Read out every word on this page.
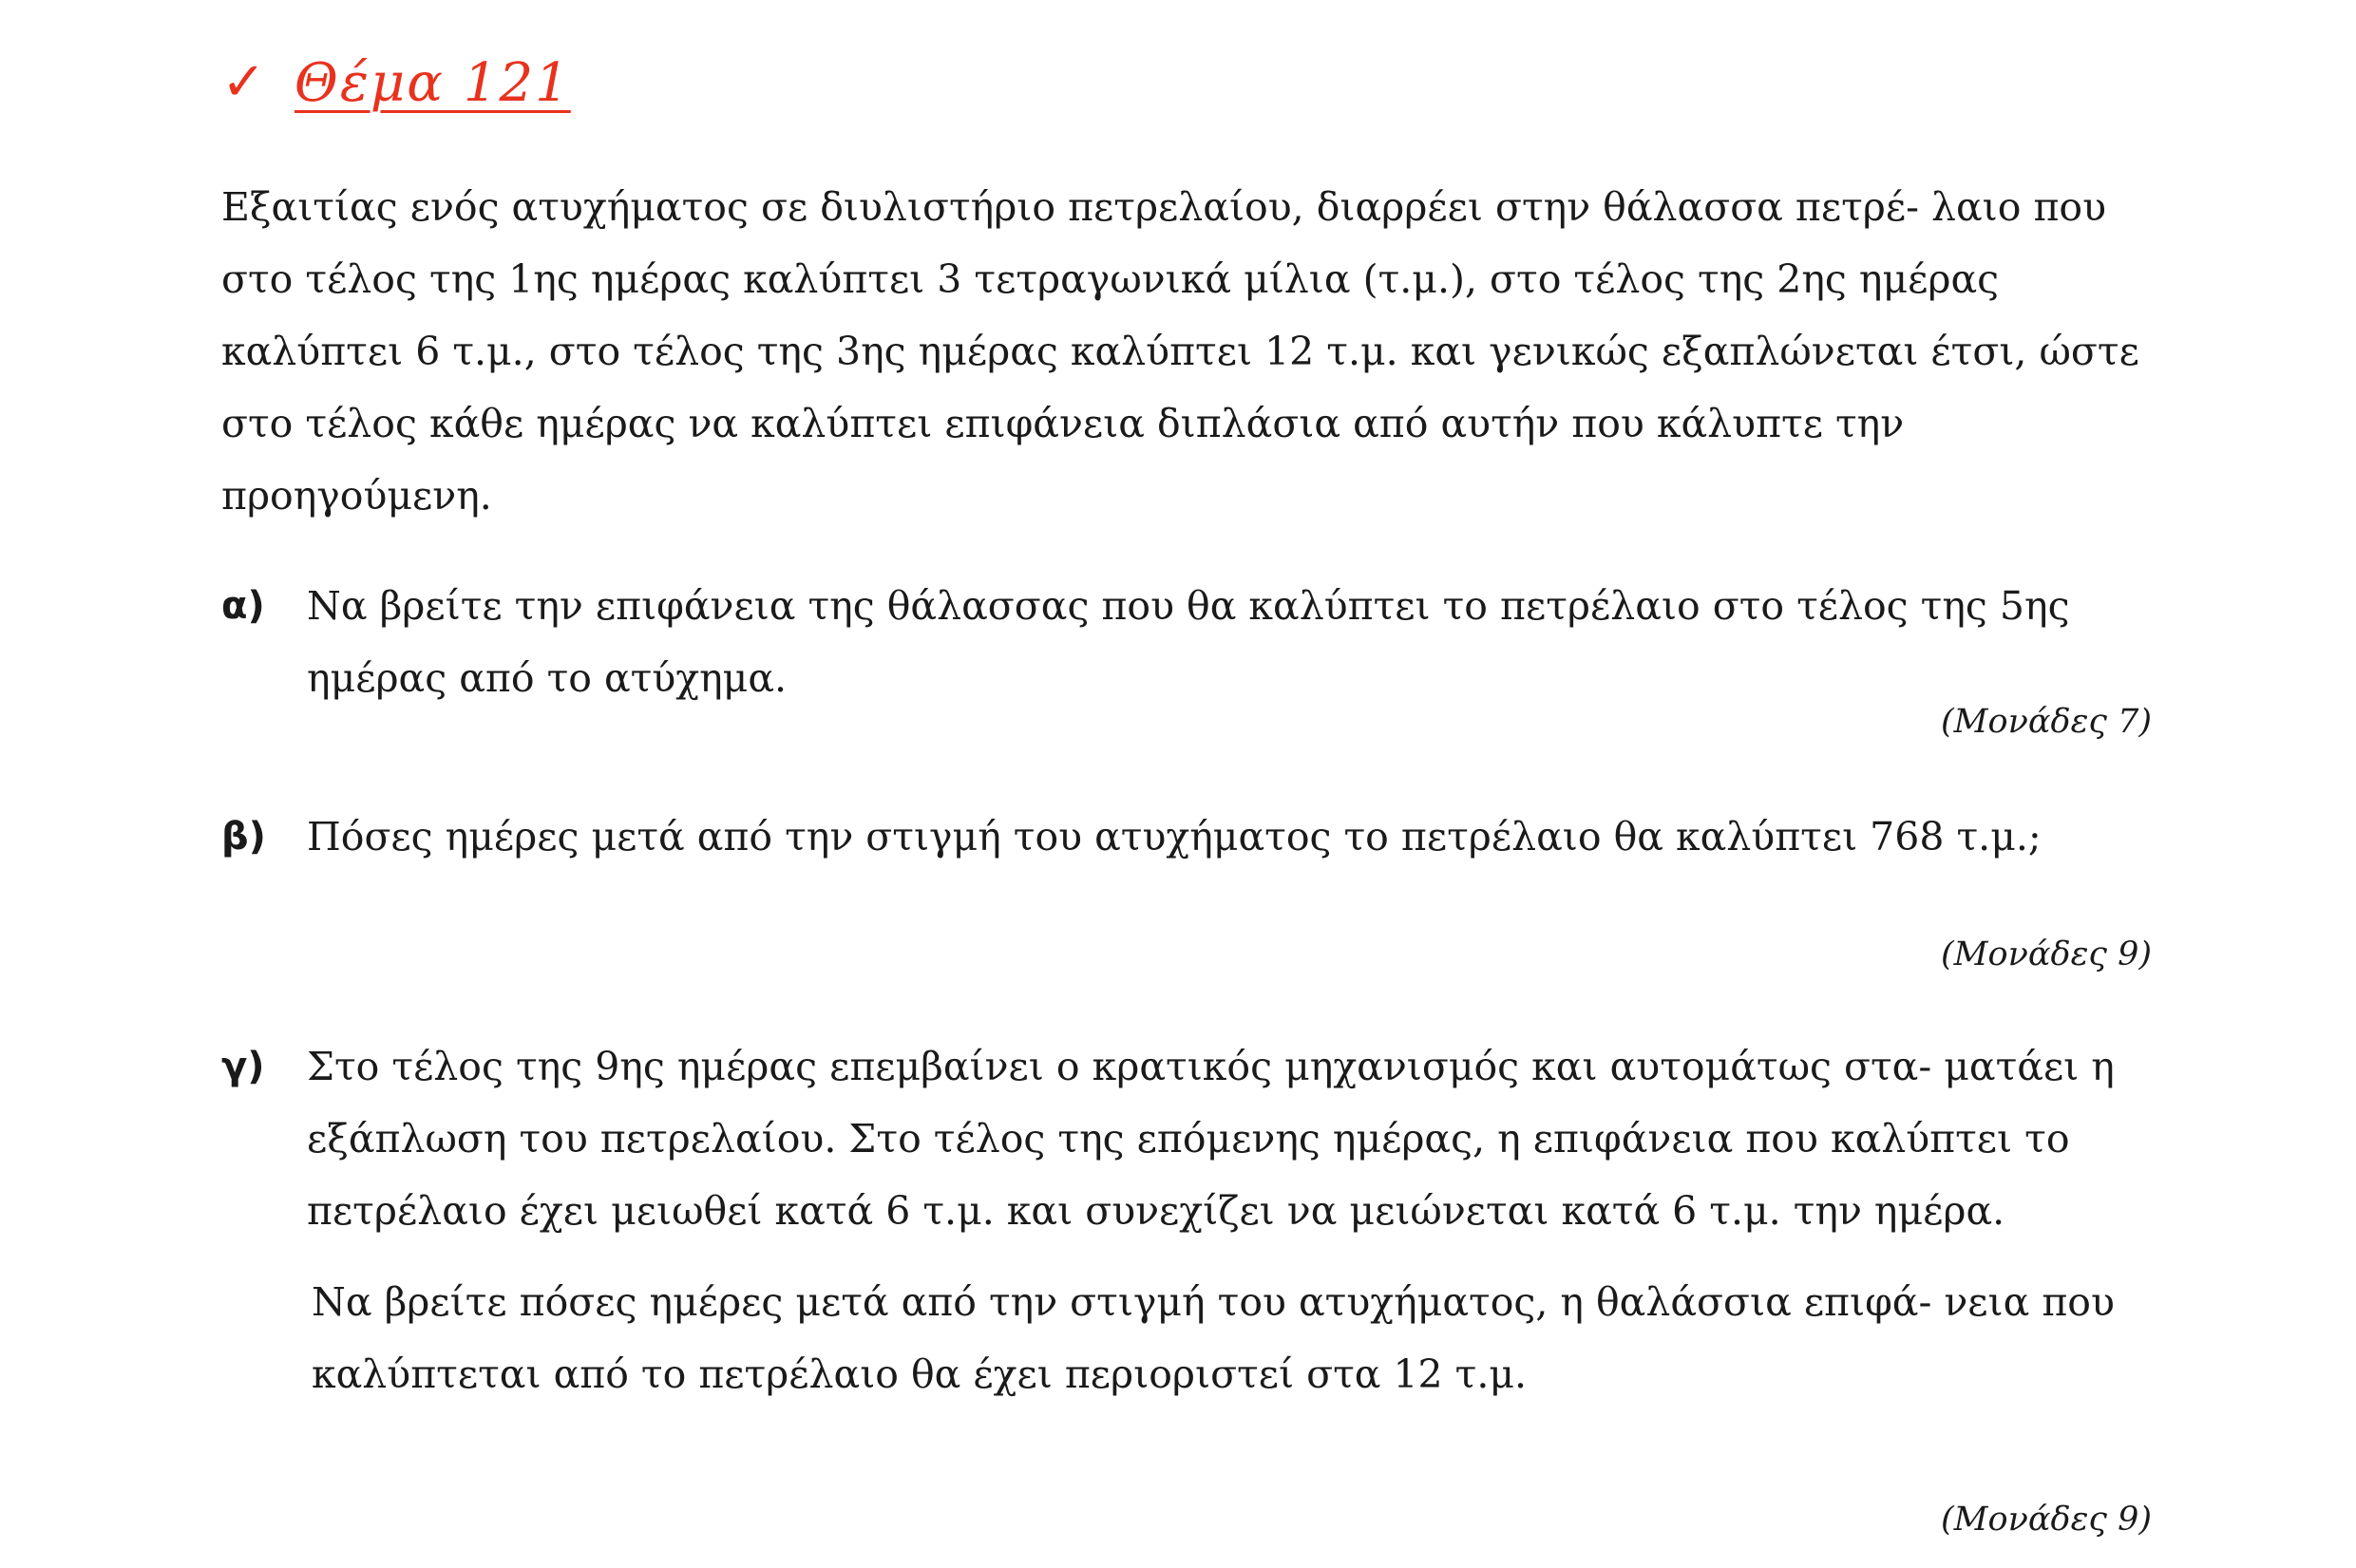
✓ Θέμα 121

Εξαιτίας ενός ατυχήματος σε διυλιστήριο πετρελαίου, διαρρέει στην θάλασσα πετρέ- λαιο που στο τέλος της 1ης ημέρας καλύπτει 3 τετραγωνικά μίλια (τ.μ.), στο τέλος της 2ης ημέρας καλύπτει 6 τ.μ., στο τέλος της 3ης ημέρας καλύπτει 12 τ.μ. και γενικώς εξαπλώνεται έτσι, ώστε στο τέλος κάθε ημέρας να καλύπτει επιφάνεια διπλάσια από αυτήν που κάλυπτε την προηγούμενη.

α) Να βρείτε την επιφάνεια της θάλασσας που θα καλύπτει το πετρέλαιο στο τέλος της 5ης ημέρας από το ατύχημα.
(Μονάδες 7)
β) Πόσες ημέρες μετά από την στιγμή του ατυχήματος το πετρέλαιο θα καλύπτει 768 τ.μ.;
(Μονάδες 9)
γ) Στο τέλος της 9ης ημέρας επεμβαίνει ο κρατικός μηχανισμός και αυτομάτως στα- ματάει η εξάπλωση του πετρελαίου. Στο τέλος της επόμενης ημέρας, η επιφάνεια που καλύπτει το πετρέλαιο έχει μειωθεί κατά 6 τ.μ. και συνεχίζει να μειώνεται κατά 6 τ.μ. την ημέρα.
Να βρείτε πόσες ημέρες μετά από την στιγμή του ατυχήματος, η θαλάσσια επιφά- νεια που καλύπτεται από το πετρέλαιο θα έχει περιοριστεί στα 12 τ.μ.
(Μονάδες 9)
